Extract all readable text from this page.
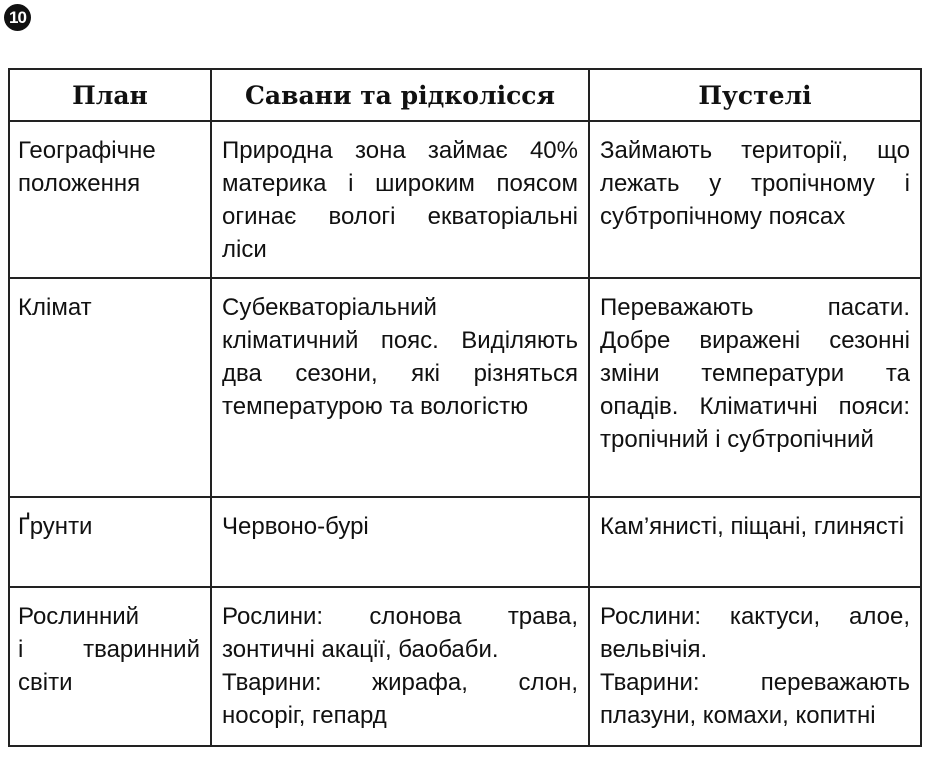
10
План	Савани та рідколісся	Пустелі

Географічне
положення	Природна зона займає 40% материка і широким поясом огинає вологі екваторіальні ліси	Займають території, що лежать у тропічному і субтропічному поясах

Клімат	Субекваторіальний кліматичний пояс. Виділяють два сезони, які різняться температурою та вологістю	Переважають пасати. Добре виражені сезонні зміни температури та опадів. Кліматичні пояси: тропічний і субтропічний

Ґрунти	Червоно-бурі	Кам’янисті, піщані, глинясті

Рослинний
і тваринний
світи	Рослини: слонова трава, зонтичні акації, баобаби.
Тварини: жирафа, слон, носоріг, гепард	Рослини: кактуси, алое, вельвічія.
Тварини: переважають плазуни, комахи, копитні
